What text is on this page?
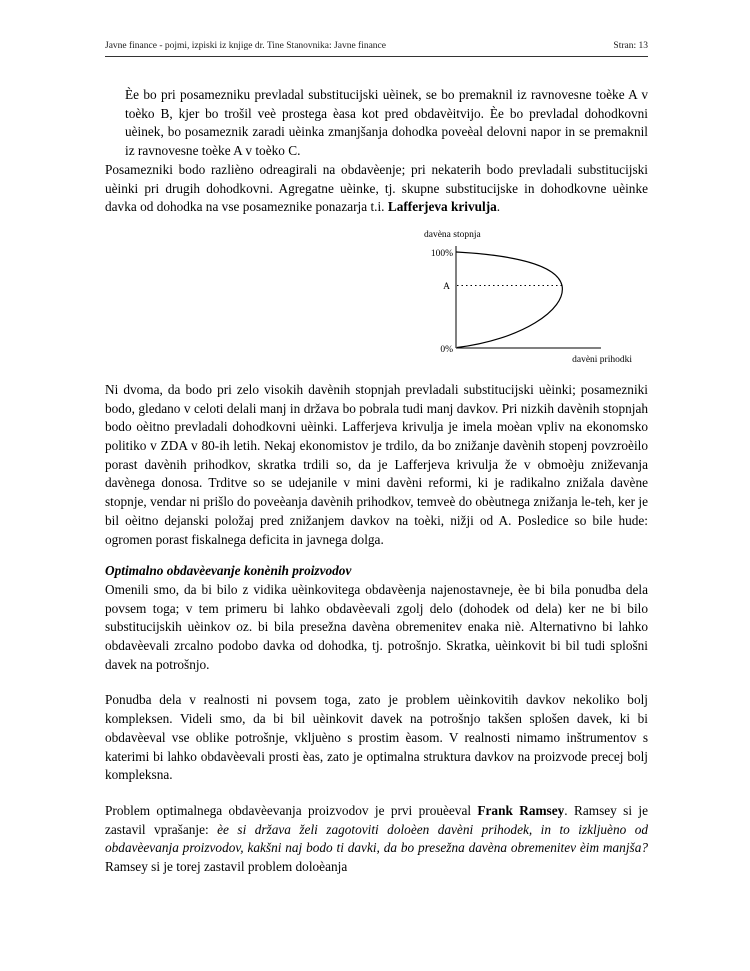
Javne finance - pojmi, izpiski iz knjige dr. Tine Stanovnika: Javne finance	Stran: 13

Èe bo pri posamezniku prevladal substitucijski uèinek, se bo premaknil iz ravnovesne toèke A v toèko B, kjer bo trošil veè prostega èasa kot pred obdavèitvijo. Èe bo prevladal dohodkovni uèinek, bo posameznik zaradi uèinka zmanjšanja dohodka poveèal delovni napor in se premaknil iz ravnovesne toèke A v toèko C.

Posamezniki bodo razlièno odreagirali na obdavèenje; pri nekaterih bodo prevladali substitucijski uèinki pri drugih dohodkovni. Agregatne uèinke, tj. skupne substitucijske in dohodkovne uèinke davka od dohodka na vse posameznike ponazarja t.i. Lafferjeva krivulja.

davèna stopnja
100%
A
0%
davèni prihodki

Ni dvoma, da bodo pri zelo visokih davènih stopnjah prevladali substitucijski uèinki; posamezniki bodo, gledano v celoti delali manj in država bo pobrala tudi manj davkov. Pri nizkih davènih stopnjah bodo oèitno prevladali dohodkovni uèinki. Lafferjeva krivulja je imela moèan vpliv na ekonomsko politiko v ZDA v 80-ih letih. Nekaj ekonomistov je trdilo, da bo znižanje davènih stopenj povzroèilo porast davènih prihodkov, skratka trdili so, da je Lafferjeva krivulja že v obmoèju zniževanja davènega donosa. Trditve so se udejanile v mini davèni reformi, ki je radikalno znižala davène stopnje, vendar ni prišlo do poveèanja davènih prihodkov, temveè do obèutnega znižanja le-teh, ker je bil oèitno dejanski položaj pred znižanjem davkov na toèki, nižji od A. Posledice so bile hude: ogromen porast fiskalnega deficita in javnega dolga.

Optimalno obdavèevanje konènih proizvodov

Omenili smo, da bi bilo z vidika uèinkovitega obdavèenja najenostavneje, èe bi bila ponudba dela povsem toga; v tem primeru bi lahko obdavèevali zgolj delo (dohodek od dela) ker ne bi bilo substitucijskih uèinkov oz. bi bila presežna davèna obremenitev enaka niè. Alternativno bi lahko obdavèevali zrcalno podobo davka od dohodka, tj. potrošnjo. Skratka, uèinkovit bi bil tudi splošni davek na potrošnjo.

Ponudba dela v realnosti ni povsem toga, zato je problem uèinkovitih davkov nekoliko bolj kompleksen. Videli smo, da bi bil uèinkovit davek na potrošnjo takšen splošen davek, ki bi obdavèeval vse oblike potrošnje, vkljuèno s prostim èasom. V realnosti nimamo inštrumentov s katerimi bi lahko obdavèevali prosti èas, zato je optimalna struktura davkov na proizvode precej bolj kompleksna.

Problem optimalnega obdavèevanja proizvodov je prvi prouèeval Frank Ramsey. Ramsey si je zastavil vprašanje: èe si država želi zagotoviti doloèen davèni prihodek, in to izkljuèno od obdavèevanja proizvodov, kakšni naj bodo ti davki, da bo presežna davèna obremenitev èim manjša? Ramsey si je torej zastavil problem doloèanja
